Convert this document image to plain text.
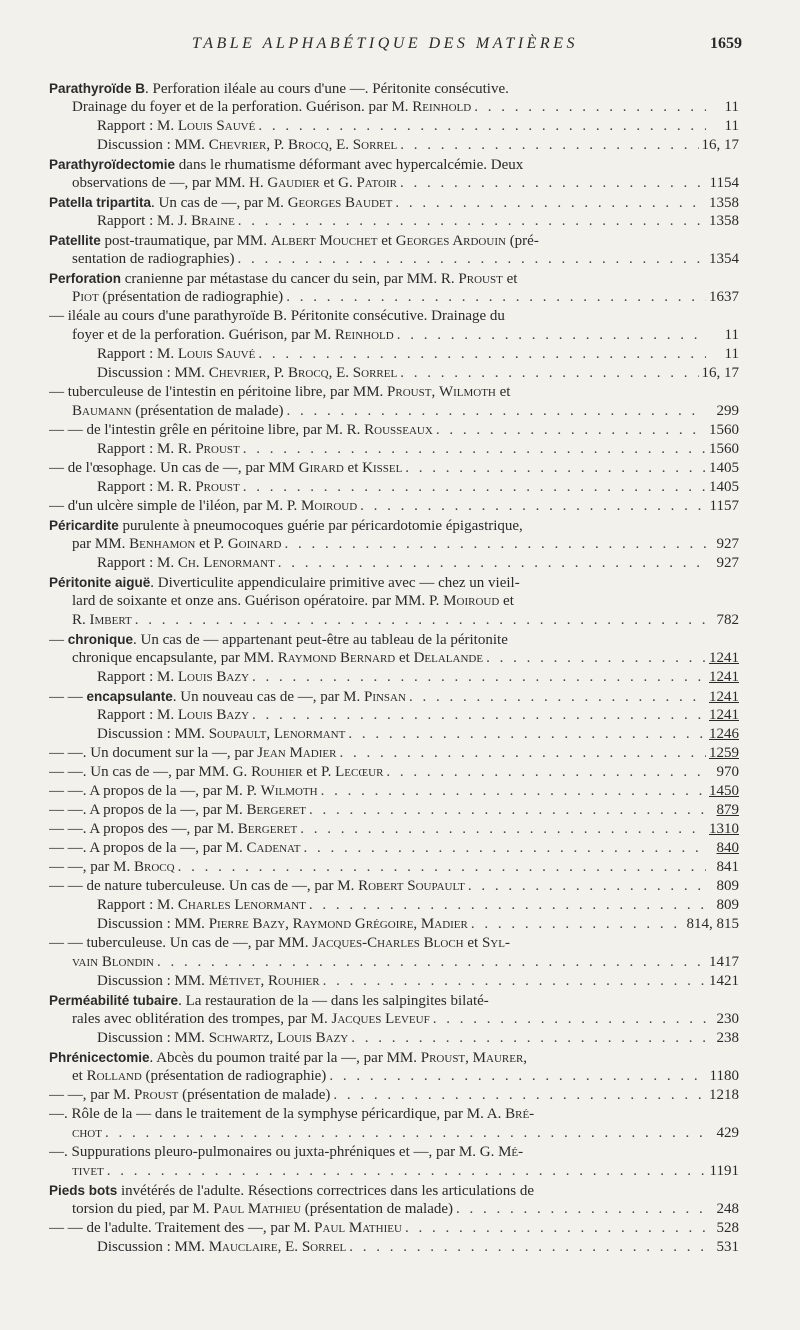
TABLE ALPHABÉTIQUE DES MATIÈRES	1659
Parathyroïde B. Perforation iléale au cours d'une —. Péritonite consécutive.
Drainage du foyer et de la perforation. Guérison. par M. Reinhold . . .	11
Rapport : M. Louis Sauvé . . .	11
Discussion : MM. Chevrier, P. Brocq, E. Sorrel . . .	16, 17
Parathyroïdectomie dans le rhumatisme déformant avec hypercalcémie. Deux
observations de —, par MM. H. Gaudier et G. Patoir . . .	1154
Patella tripartita. Un cas de —, par M. Georges Baudet . . .	1358
Rapport : M. J. Braine . . .	1358
Patellite post-traumatique, par MM. Albert Mouchet et Georges Ardouin (pré-
sentation de radiographies) . . .	1354
Perforation cranienne par métastase du cancer du sein, par MM. R. Proust et
Piot (présentation de radiographie) . . .	1637
— iléale au cours d'une parathyroïde B. Péritonite consécutive. Drainage du
foyer et de la perforation. Guérison, par M. Reinhold . . .	11
Rapport : M. Louis Sauvé . . .	11
Discussion : MM. Chevrier, P. Brocq, E. Sorrel . . .	16, 17
— tuberculeuse de l'intestin en péritoine libre, par MM. Proust, Wilmoth et
Baumann (présentation de malade) . . .	299
— — de l'intestin grêle en péritoine libre, par M. R. Rousseaux . . .	1560
Rapport : M. R. Proust . . .	1560
— de l'œsophage. Un cas de —, par MM Girard et Kissel . . .	1405
Rapport : M. R. Proust . . .	1405
— d'un ulcère simple de l'iléon, par M. P. Moiroud . . .	1157
Péricardite purulente à pneumocoques guérie par péricardotomie épigastrique,
par MM. Benhamon et P. Goinard . . .	927
Rapport : M. Ch. Lenormant . . .	927
Péritonite aiguë. Diverticulite appendiculaire primitive avec — chez un vieil-
lard de soixante et onze ans. Guérison opératoire. par MM. P. Moiroud et
R. Imbert . . .	782
— chronique. Un cas de — appartenant peut-être au tableau de la péritonite
chronique encapsulante, par MM. Raymond Bernard et Delalande . . .	1241
Rapport : M. Louis Bazy . . .	1241
— — encapsulante. Un nouveau cas de —, par M. Pinsan . . .	1241
Rapport : M. Louis Bazy . . .	1241
Discussion : MM. Soupault, Lenormant . . .	1246
— —. Un document sur la —, par Jean Madier . . .	1259
— —. Un cas de —, par MM. G. Rouhier et P. Lecœur . . .	970
— —. A propos de la —, par M. P. Wilmoth . . .	1450
— —. A propos de la —, par M. Bergeret . . .	879
— —. A propos des —, par M. Bergeret . . .	1310
— —. A propos de la —, par M. Cadenat . . .	840
— —, par M. Brocq . . .	841
— — de nature tuberculeuse. Un cas de —, par M. Robert Soupault . . .	809
Rapport : M. Charles Lenormant . . .	809
Discussion : MM. Pierre Bazy, Raymond Grégoire, Madier . . .	814, 815
— — tuberculeuse. Un cas de —, par MM. Jacques-Charles Bloch et Syl-
vain Blondin . . .	1417
Discussion : MM. Métivet, Rouhier . . .	1421
Perméabilité tubaire. La restauration de la — dans les salpingites bilaté-
rales avec oblitération des trompes, par M. Jacques Leveuf . . .	230
Discussion : MM. Schwartz, Louis Bazy . . .	238
Phrénicectomie. Abcès du poumon traité par la —, par MM. Proust, Maurer,
et Rolland (présentation de radiographie) . . .	1180
— —, par M. Proust (présentation de malade) . . .	1218
—. Rôle de la — dans le traitement de la symphyse péricardique, par M. A. Bré-
chot . . .	429
—. Suppurations pleuro-pulmonaires ou juxta-phréniques et —, par M. G. Mé-
tivet . . .	1191
Pieds bots invétérés de l'adulte. Résections correctrices dans les articulations de
torsion du pied, par M. Paul Mathieu (présentation de malade) . . .	248
— — de l'adulte. Traitement des —, par M. Paul Mathieu . . .	528
Discussion : MM. Mauclaire, E. Sorrel . . .	531
